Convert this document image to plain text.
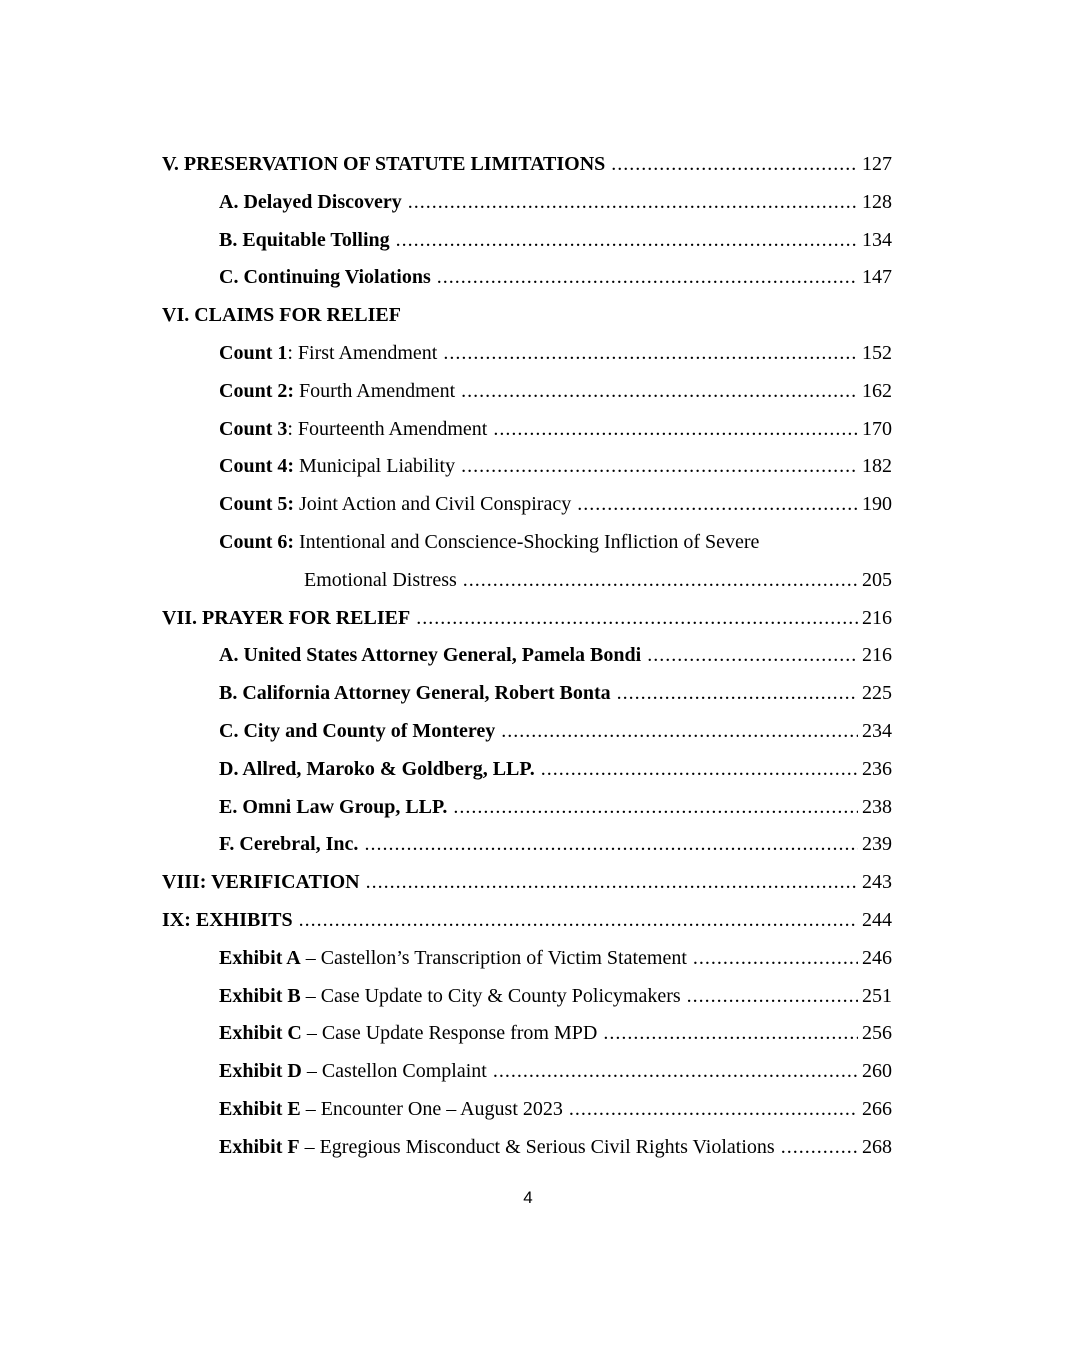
V. PRESERVATION OF STATUTE LIMITATIONS .....	127
A. Delayed Discovery .....	128
B. Equitable Tolling .....	134
C. Continuing Violations .....	147
VI. CLAIMS FOR RELIEF
Count 1: First Amendment .....	152
Count 2: Fourth Amendment .....	162
Count 3: Fourteenth Amendment .....	170
Count 4: Municipal Liability .....	182
Count 5: Joint Action and Civil Conspiracy .....	190
Count 6: Intentional and Conscience-Shocking Infliction of Severe
Emotional Distress .....	205
VII. PRAYER FOR RELIEF .....	216
A. United States Attorney General, Pamela Bondi .....	216
B. California Attorney General, Robert Bonta .....	225
C. City and County of Monterey .....	234
D. Allred, Maroko & Goldberg, LLP. .....	236
E. Omni Law Group, LLP. .....	238
F. Cerebral, Inc. .....	239
VIII: VERIFICATION .....	243
IX: EXHIBITS .....	244
Exhibit A – Castellon’s Transcription of Victim Statement .....	246
Exhibit B – Case Update to City & County Policymakers .....	251
Exhibit C – Case Update Response from MPD .....	256
Exhibit D – Castellon Complaint .....	260
Exhibit E – Encounter One – August 2023 .....	266
Exhibit F – Egregious Misconduct & Serious Civil Rights Violations .....	268
4
